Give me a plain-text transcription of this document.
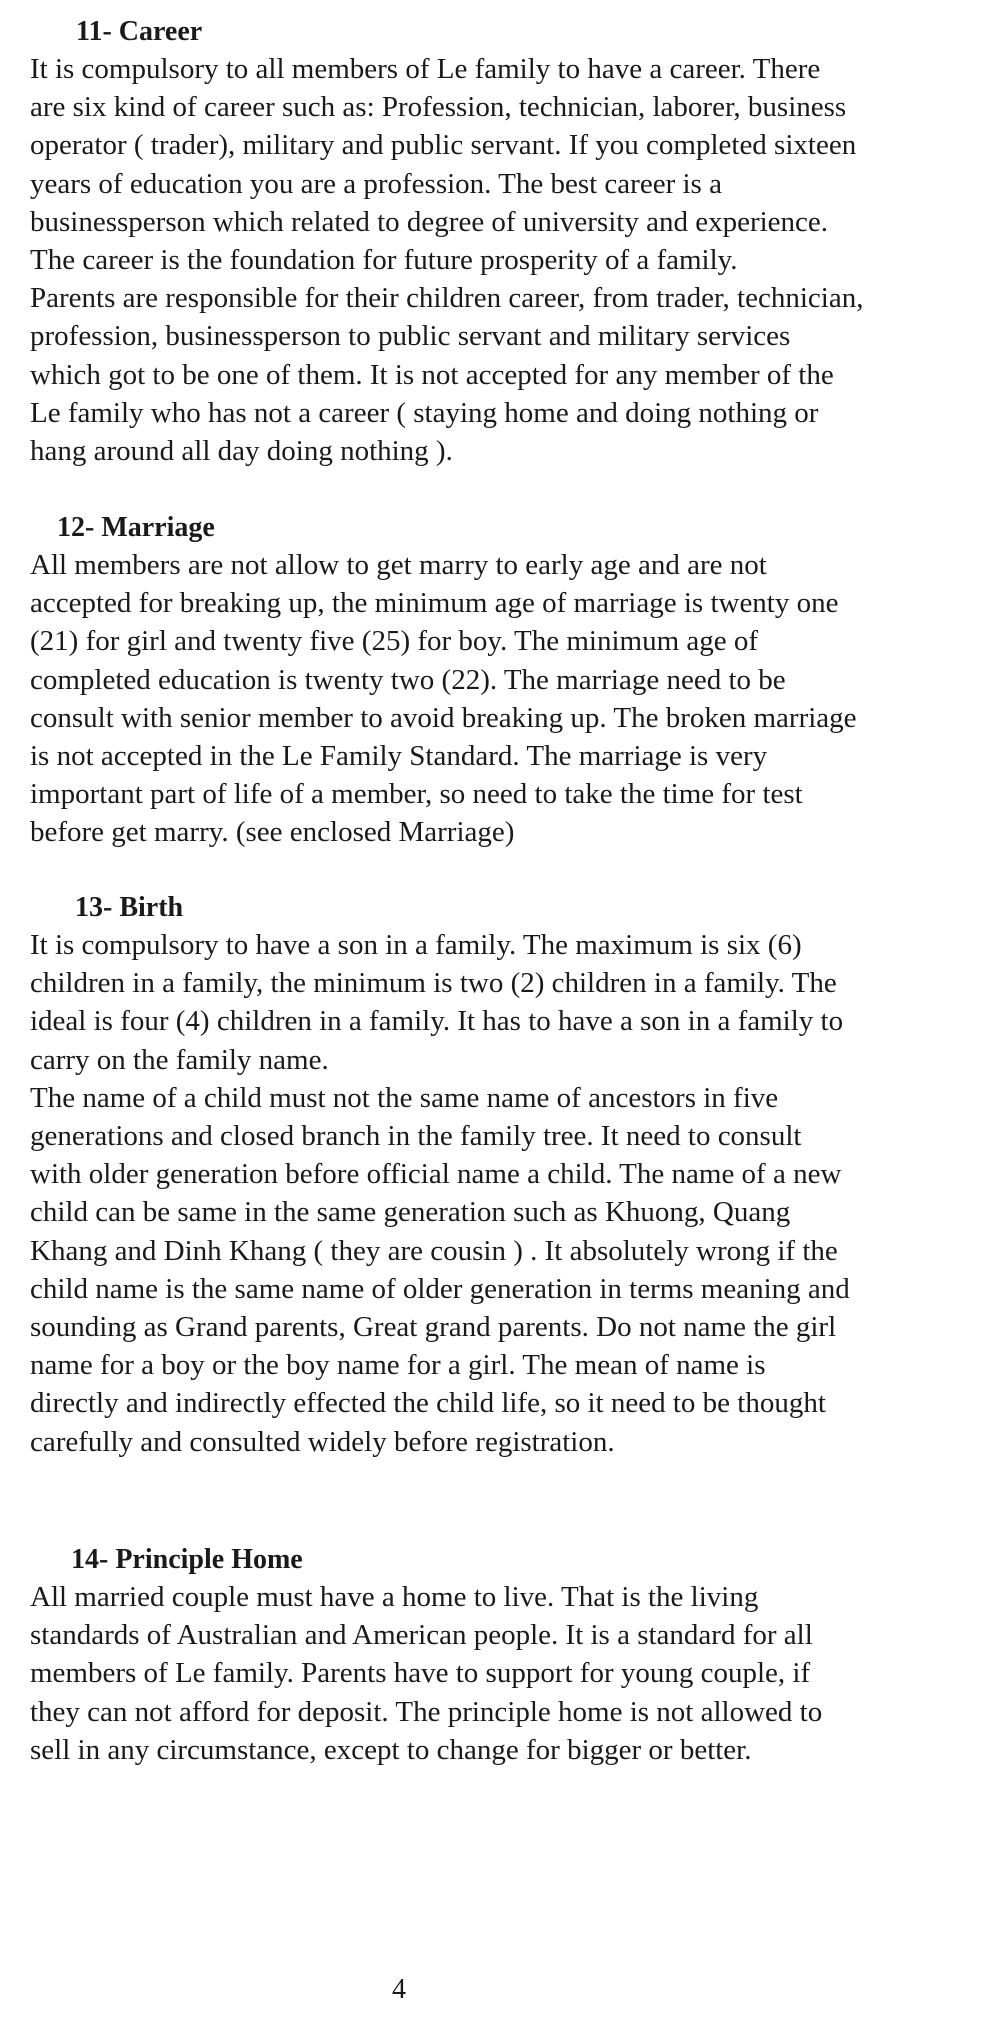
11- Career

It is compulsory to all members of Le family to have a career. There
are six kind of career such as: Profession, technician, laborer, business
operator ( trader), military and public servant. If you completed sixteen
years of education you are a profession. The best career is a
businessperson which related to degree of university and experience.
The career is the foundation for future prosperity of a family.
Parents are responsible for their children career, from trader, technician,
profession, businessperson to public servant and military services
which got to be one of them. It is not accepted for any member of the
Le family who has not a career ( staying home and doing nothing or
hang around all day doing nothing ).

12- Marriage

All members are not allow to get marry to early age and are not
accepted for breaking up, the minimum age of marriage is twenty one
(21) for girl and twenty five (25) for boy. The minimum age of
completed education is twenty two (22). The marriage need to be
consult with senior member to avoid breaking up. The broken marriage
is not accepted in the Le Family Standard. The marriage is very
important part of life of a member, so need to take the time for test
before get marry. (see enclosed Marriage)

13- Birth

It is compulsory to have a son in a family. The maximum is six (6)
children in a family, the minimum is two (2) children in a family. The
ideal is four (4) children in a family. It has to have a son in a family to
carry on the family name.
The name of a child must not the same name of ancestors in five
generations and closed branch in the family tree. It need to consult
with older generation before official name a child. The name of a new
child can be same in the same generation such as Khuong, Quang
Khang and Dinh Khang ( they are cousin ) . It absolutely wrong if the
child name is the same name of older generation in terms meaning and
sounding as Grand parents, Great grand parents. Do not name the girl
name for a boy or the boy name for a girl. The mean of name is
directly and indirectly effected the child life, so it need to be thought
carefully and consulted widely before registration.

14- Principle Home

All married couple must have a home to live. That is the living
standards of Australian and American people. It is a standard for all
members of Le family. Parents have to support for young couple, if
they can not afford for deposit. The principle home is not allowed to
sell in any circumstance, except to change for bigger or better.

4
